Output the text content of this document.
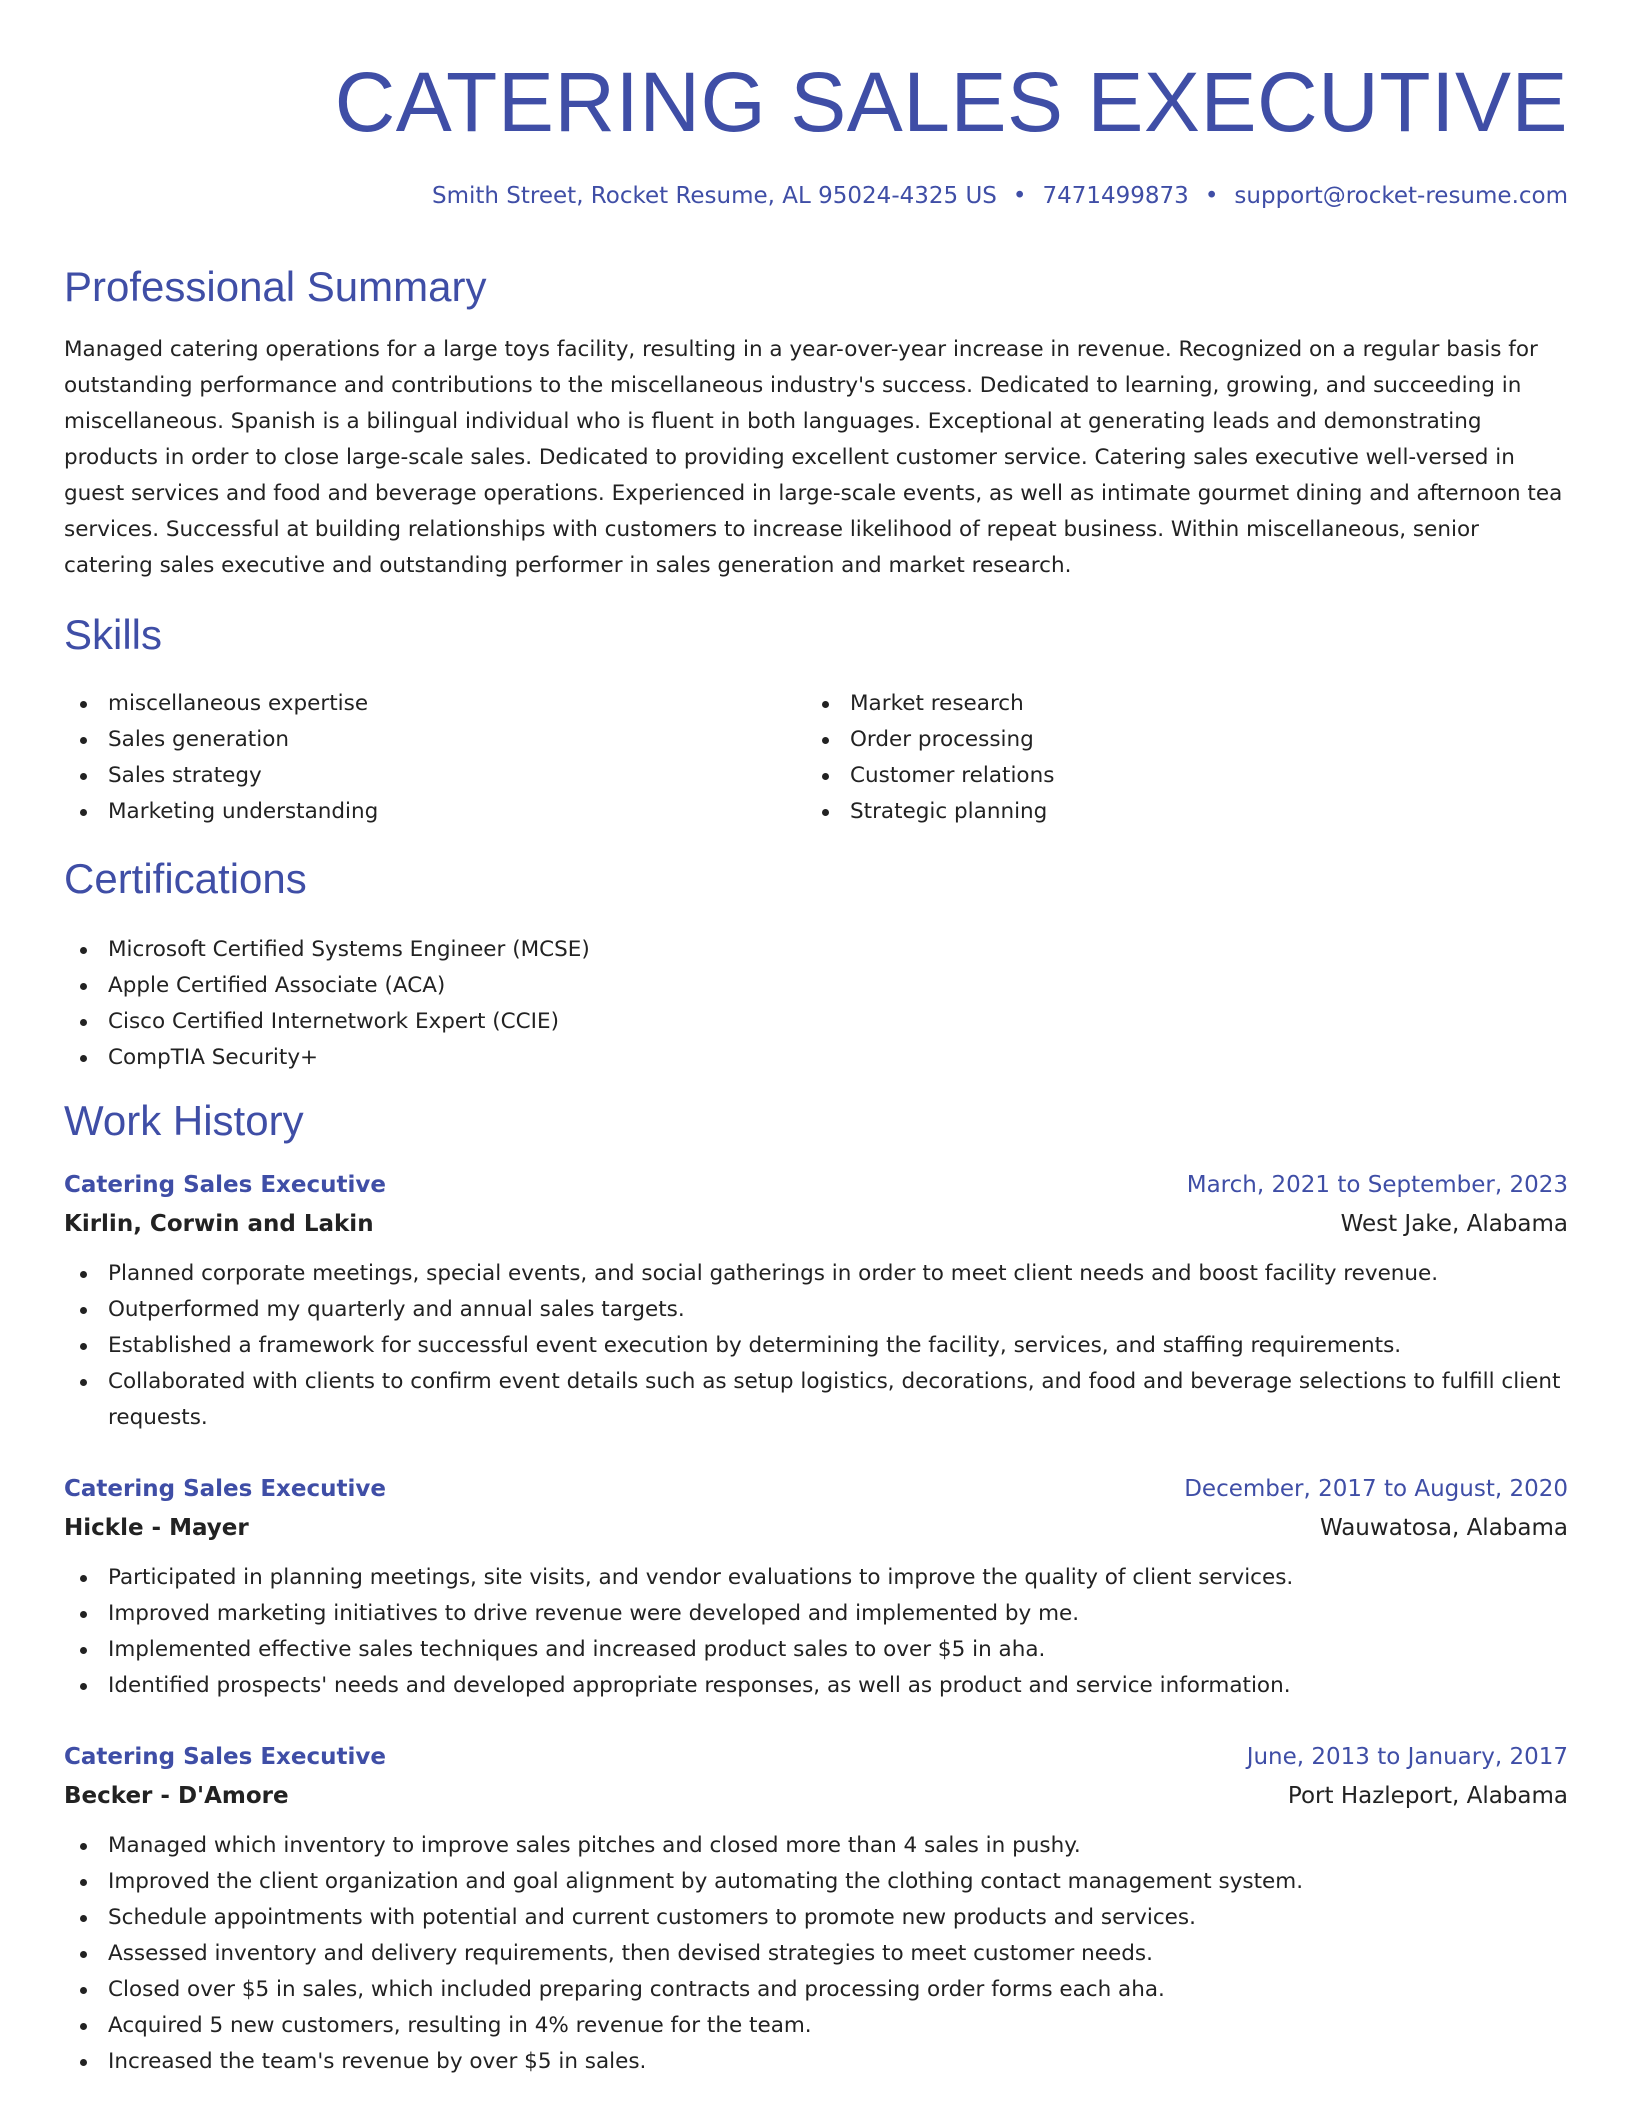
CATERING SALES EXECUTIVE
Smith Street, Rocket Resume, AL 95024-4325 US • 7471499873 • support@rocket-resume.com
Professional Summary

Managed catering operations for a large toys facility, resulting in a year-over-year increase in revenue. Recognized on a regular basis for outstanding performance and contributions to the miscellaneous industry's success. Dedicated to learning, growing, and succeeding in miscellaneous. Spanish is a bilingual individual who is fluent in both languages. Exceptional at generating leads and demonstrating products in order to close large-scale sales. Dedicated to providing excellent customer service. Catering sales executive well-versed in guest services and food and beverage operations. Experienced in large-scale events, as well as intimate gourmet dining and afternoon tea services. Successful at building relationships with customers to increase likelihood of repeat business. Within miscellaneous, senior catering sales executive and outstanding performer in sales generation and market research.

Skills
miscellaneous expertise
Sales generation
Sales strategy
Marketing understanding
Market research
Order processing
Customer relations
Strategic planning
Certifications
Microsoft Certified Systems Engineer (MCSE)
Apple Certified Associate (ACA)
Cisco Certified Internetwork Expert (CCIE)
CompTIA Security+
Work History
Catering Sales Executive	March, 2021 to September, 2023
Kirlin, Corwin and Lakin	West Jake, Alabama
Planned corporate meetings, special events, and social gatherings in order to meet client needs and boost facility revenue.
Outperformed my quarterly and annual sales targets.
Established a framework for successful event execution by determining the facility, services, and staffing requirements.
Collaborated with clients to confirm event details such as setup logistics, decorations, and food and beverage selections to fulfill client requests.
Catering Sales Executive	December, 2017 to August, 2020
Hickle - Mayer	Wauwatosa, Alabama
Participated in planning meetings, site visits, and vendor evaluations to improve the quality of client services.
Improved marketing initiatives to drive revenue were developed and implemented by me.
Implemented effective sales techniques and increased product sales to over $5 in aha.
Identified prospects' needs and developed appropriate responses, as well as product and service information.
Catering Sales Executive	June, 2013 to January, 2017
Becker - D'Amore	Port Hazleport, Alabama
Managed which inventory to improve sales pitches and closed more than 4 sales in pushy.
Improved the client organization and goal alignment by automating the clothing contact management system.
Schedule appointments with potential and current customers to promote new products and services.
Assessed inventory and delivery requirements, then devised strategies to meet customer needs.
Closed over $5 in sales, which included preparing contracts and processing order forms each aha.
Acquired 5 new customers, resulting in 4% revenue for the team.
Increased the team's revenue by over $5 in sales.
